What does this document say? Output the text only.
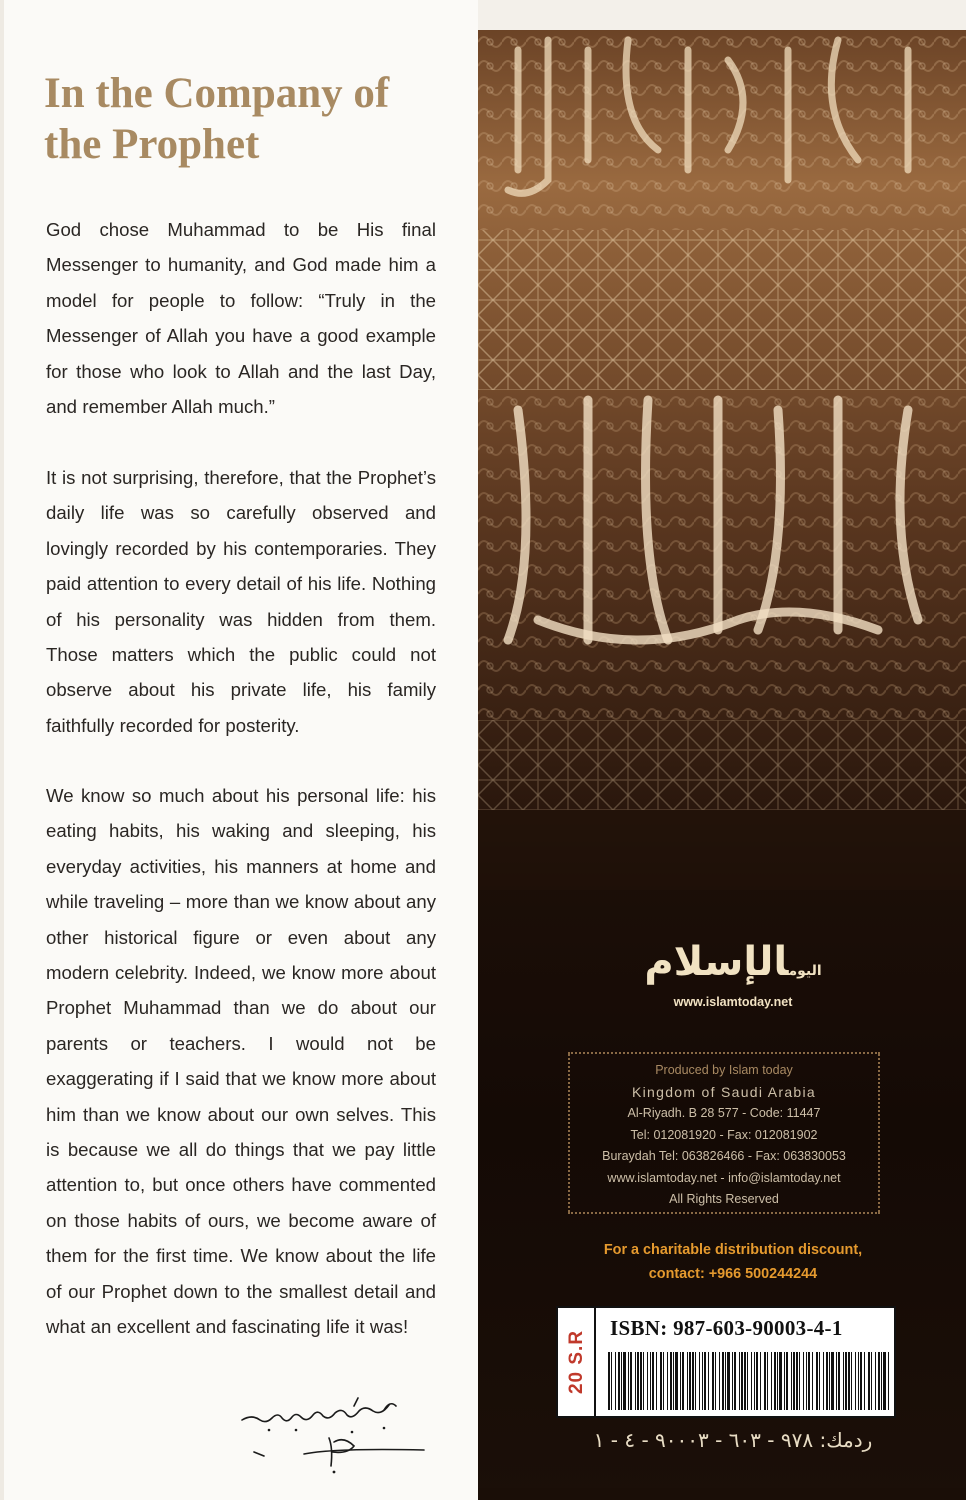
In the Company of
the Prophet

God chose Muhammad to be His final Messenger to humanity, and God made him a model for people to follow: “Truly in the Messenger of Allah you have a good example for those who look to Allah and the last Day, and remember Allah much.”

It is not surprising, therefore, that the Prophet’s daily life was so carefully observed and lovingly recorded by his contemporaries. They paid attention to every detail of his life. Nothing of his personality was hidden from them. Those matters which the public could not observe about his private life, his family faithfully recorded for posterity.

We know so much about his personal life: his eating habits, his waking and sleeping, his everyday activities, his manners at home and while traveling – more than we know about any other historical figure or even about any modern celebrity. Indeed, we know more about Prophet Muhammad than we do about our parents or teachers. I would not be exaggerating if I said that we know more about him than we know about our own selves. This is because we all do things that we pay little attention to, but once others have commented on those habits of ours, we become aware of them for the first time. We know about the life of our Prophet down to the smallest detail and what an excellent and fascinating life it was!

اليومالإسلام
www.islamtoday.net
Produced by Islam today
Kingdom of Saudi Arabia
Al-Riyadh. B 28 577 - Code: 11447
Tel: 012081920 - Fax: 012081902
Buraydah Tel: 063826466 - Fax: 063830053
www.islamtoday.net - info@islamtoday.net
All Rights Reserved
For a charitable distribution discount,
contact: +966 500244244
20 S.R
ISBN: 987-603-90003-4-1
ردمك: ٩٧٨ - ٦٠٣ - ٩٠٠٠٣ - ٤ - ١
